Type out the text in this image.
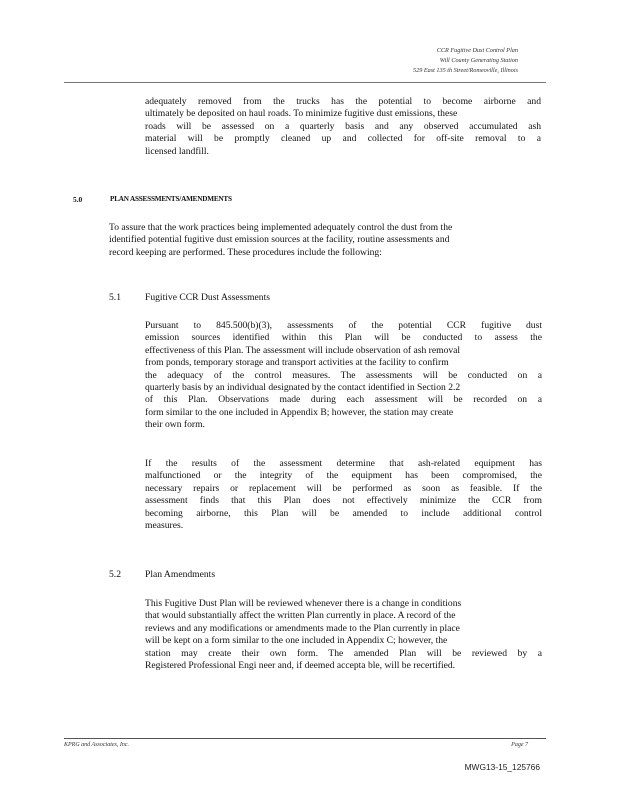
CCR Fugitive Dust Control Plan
Will County Generating Station
529 East 135 th Street/Romeoville, Illinois
adequately removed from the trucks has the potential to become airborne and
ultimately be deposited on haul roads. To minimize fugitive dust emissions, these
roads will be assessed on a quarterly basis and any observed accumulated ash
material will be promptly cleaned up and collected for off-site removal to a
licensed landfill.
5.0	PLAN ASSESSMENTS/AMENDMENTS
To assure that the work practices being implemented adequately control the dust from the
identified potential fugitive dust emission sources at the facility, routine assessments and
record keeping are performed. These procedures include the following:
5.1	Fugitive CCR Dust Assessments
Pursuant to 845.500(b)(3), assessments of the potential CCR fugitive dust
emission sources identified within this Plan will be conducted to assess the
effectiveness of this Plan. The assessment will include observation of ash removal
from ponds, temporary storage and transport activities at the facility to confirm
the adequacy of the control measures. The assessments will be conducted on a
quarterly basis by an individual designated by the contact identified in Section 2.2
of this Plan. Observations made during each assessment will be recorded on a
form similar to the one included in Appendix B; however, the station may create
their own form.
If the results of the assessment determine that ash-related equipment has
malfunctioned or the integrity of the equipment has been compromised, the
necessary repairs or replacement will be performed as soon as feasible. If the
assessment finds that this Plan does not effectively minimize the CCR from
becoming airborne, this Plan will be amended to include additional control
measures.
5.2	Plan Amendments
This Fugitive Dust Plan will be reviewed whenever there is a change in conditions
that would substantially affect the written Plan currently in place. A record of the
reviews and any modifications or amendments made to the Plan currently in place
will be kept on a form similar to the one included in Appendix C; however, the
station may create their own form. The amended Plan will be reviewed by a
Registered Professional Engi neer and, if deemed accepta ble, will be recertified.
KPRG and Associates, Inc.	Page 7
MWG13-15_125766
